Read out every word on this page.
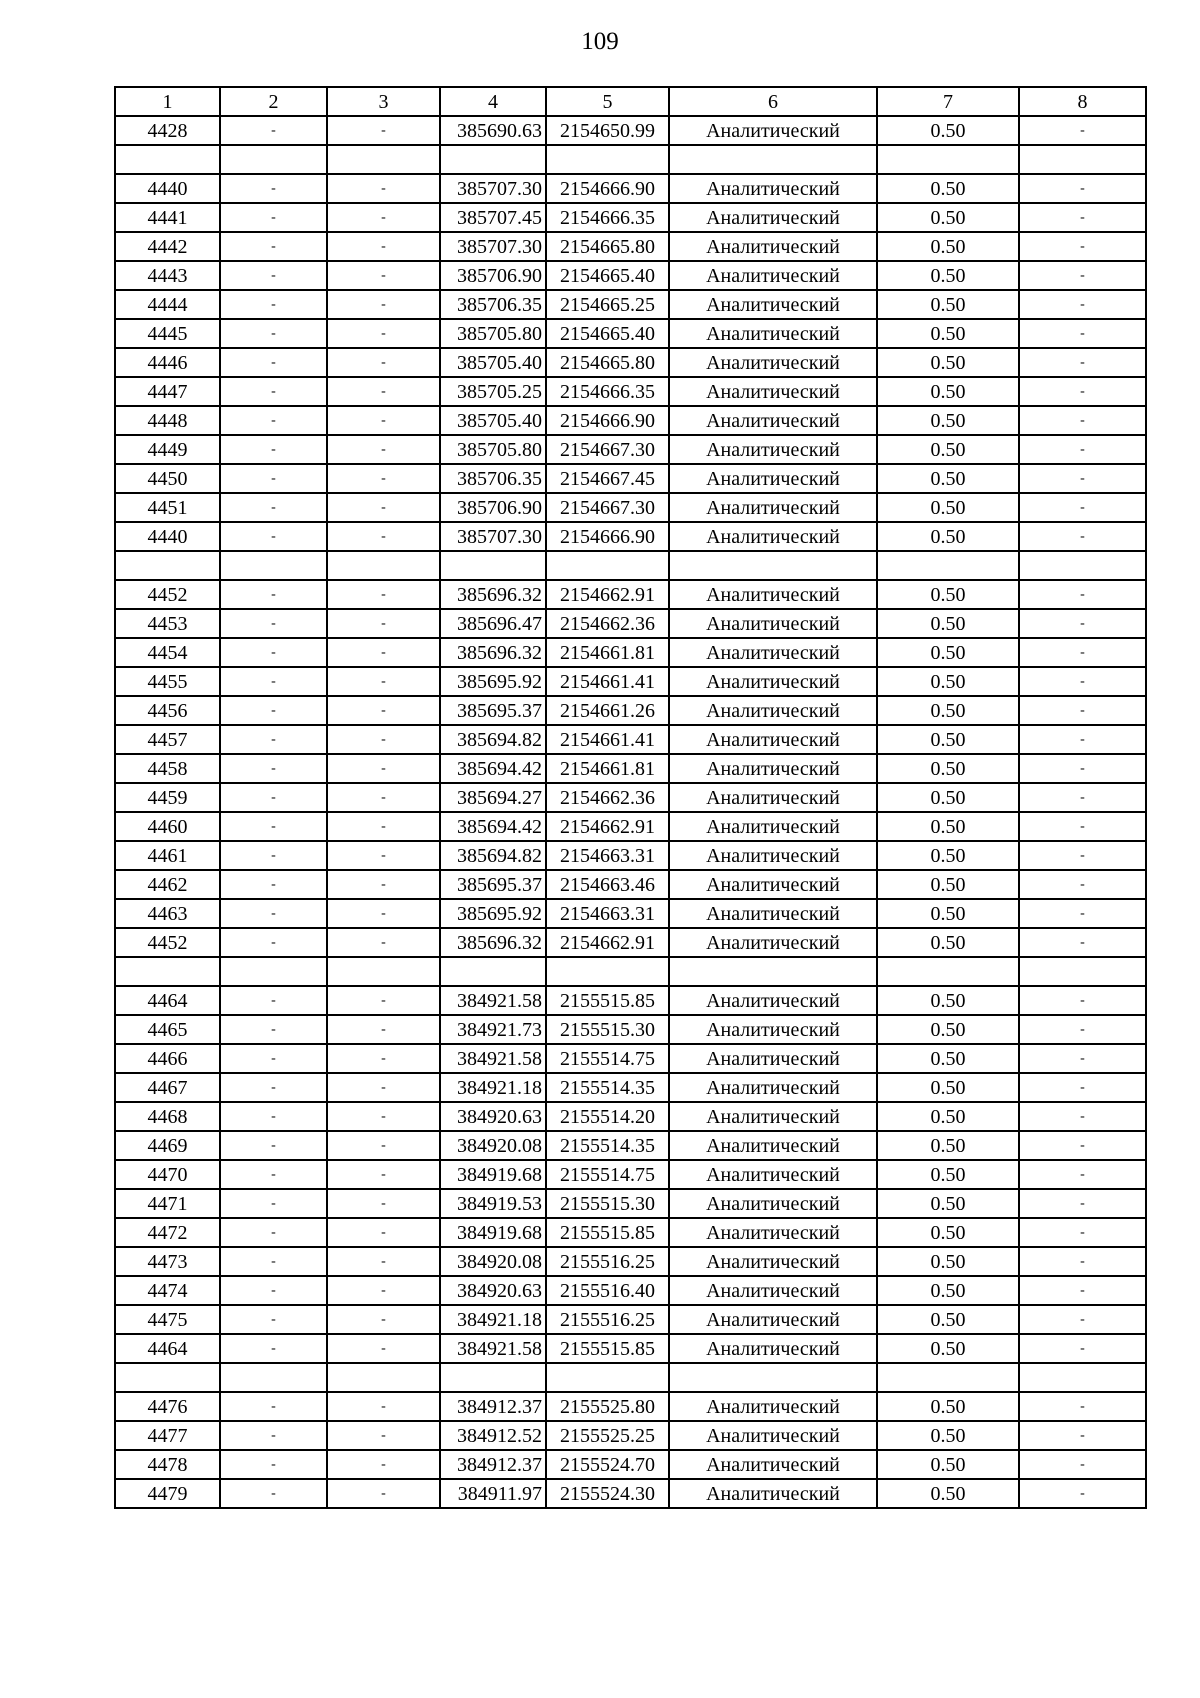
109
1	2	3	4	5	6	7	8
4428	-	-	385690.63	2154650.99	Аналитический	0.50	-

4440	-	-	385707.30	2154666.90	Аналитический	0.50	-
4441	-	-	385707.45	2154666.35	Аналитический	0.50	-
4442	-	-	385707.30	2154665.80	Аналитический	0.50	-
4443	-	-	385706.90	2154665.40	Аналитический	0.50	-
4444	-	-	385706.35	2154665.25	Аналитический	0.50	-
4445	-	-	385705.80	2154665.40	Аналитический	0.50	-
4446	-	-	385705.40	2154665.80	Аналитический	0.50	-
4447	-	-	385705.25	2154666.35	Аналитический	0.50	-
4448	-	-	385705.40	2154666.90	Аналитический	0.50	-
4449	-	-	385705.80	2154667.30	Аналитический	0.50	-
4450	-	-	385706.35	2154667.45	Аналитический	0.50	-
4451	-	-	385706.90	2154667.30	Аналитический	0.50	-
4440	-	-	385707.30	2154666.90	Аналитический	0.50	-

4452	-	-	385696.32	2154662.91	Аналитический	0.50	-
4453	-	-	385696.47	2154662.36	Аналитический	0.50	-
4454	-	-	385696.32	2154661.81	Аналитический	0.50	-
4455	-	-	385695.92	2154661.41	Аналитический	0.50	-
4456	-	-	385695.37	2154661.26	Аналитический	0.50	-
4457	-	-	385694.82	2154661.41	Аналитический	0.50	-
4458	-	-	385694.42	2154661.81	Аналитический	0.50	-
4459	-	-	385694.27	2154662.36	Аналитический	0.50	-
4460	-	-	385694.42	2154662.91	Аналитический	0.50	-
4461	-	-	385694.82	2154663.31	Аналитический	0.50	-
4462	-	-	385695.37	2154663.46	Аналитический	0.50	-
4463	-	-	385695.92	2154663.31	Аналитический	0.50	-
4452	-	-	385696.32	2154662.91	Аналитический	0.50	-

4464	-	-	384921.58	2155515.85	Аналитический	0.50	-
4465	-	-	384921.73	2155515.30	Аналитический	0.50	-
4466	-	-	384921.58	2155514.75	Аналитический	0.50	-
4467	-	-	384921.18	2155514.35	Аналитический	0.50	-
4468	-	-	384920.63	2155514.20	Аналитический	0.50	-
4469	-	-	384920.08	2155514.35	Аналитический	0.50	-
4470	-	-	384919.68	2155514.75	Аналитический	0.50	-
4471	-	-	384919.53	2155515.30	Аналитический	0.50	-
4472	-	-	384919.68	2155515.85	Аналитический	0.50	-
4473	-	-	384920.08	2155516.25	Аналитический	0.50	-
4474	-	-	384920.63	2155516.40	Аналитический	0.50	-
4475	-	-	384921.18	2155516.25	Аналитический	0.50	-
4464	-	-	384921.58	2155515.85	Аналитический	0.50	-

4476	-	-	384912.37	2155525.80	Аналитический	0.50	-
4477	-	-	384912.52	2155525.25	Аналитический	0.50	-
4478	-	-	384912.37	2155524.70	Аналитический	0.50	-
4479	-	-	384911.97	2155524.30	Аналитический	0.50	-
